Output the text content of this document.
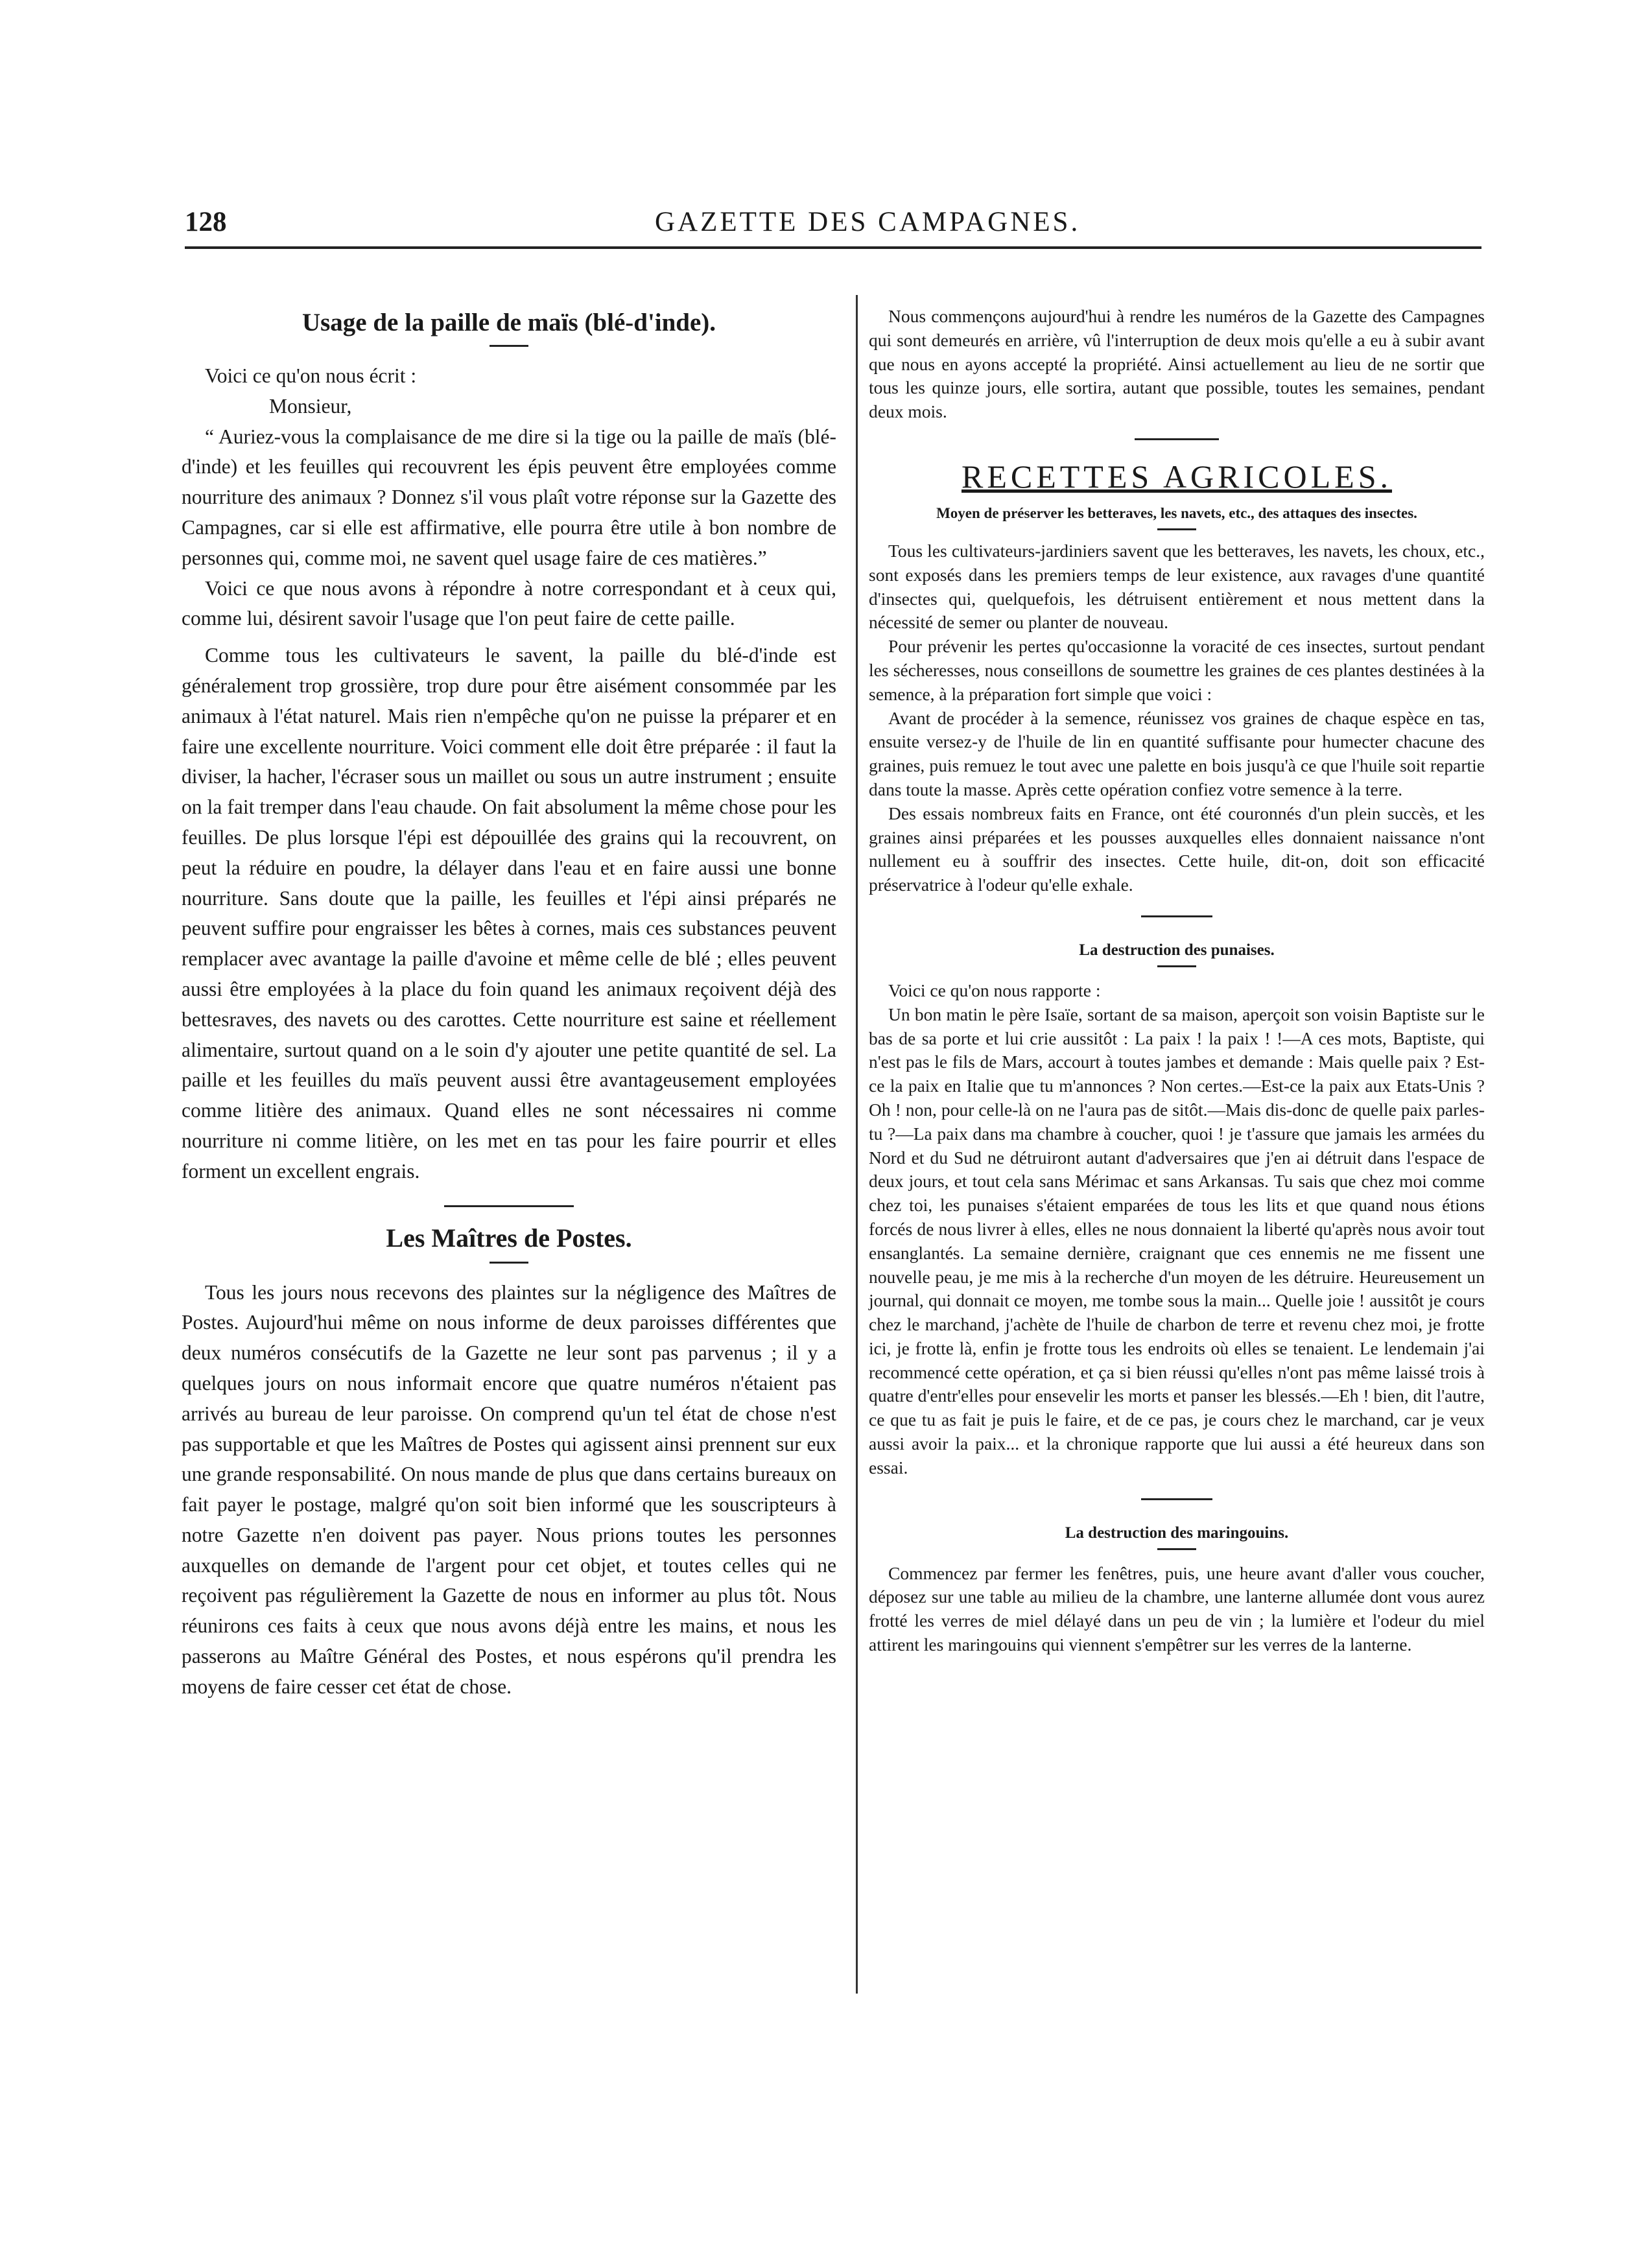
128	GAZETTE DES CAMPAGNES.
Usage de la paille de maïs (blé-d'inde).

Voici ce qu'on nous écrit :

Monsieur,

“ Auriez-vous la complaisance de me dire si la tige ou la paille de maïs (blé-d'inde) et les feuilles qui recouvrent les épis peuvent être employées comme nourriture des animaux ? Donnez s'il vous plaît votre réponse sur la Gazette des Campagnes, car si elle est affirmative, elle pourra être utile à bon nombre de personnes qui, comme moi, ne savent quel usage faire de ces matières.”

Voici ce que nous avons à répondre à notre correspondant et à ceux qui, comme lui, désirent savoir l'usage que l'on peut faire de cette paille.

Comme tous les cultivateurs le savent, la paille du blé-d'inde est généralement trop grossière, trop dure pour être aisément consommée par les animaux à l'état naturel. Mais rien n'empêche qu'on ne puisse la préparer et en faire une excellente nourriture. Voici comment elle doit être préparée : il faut la diviser, la hacher, l'écraser sous un maillet ou sous un autre instrument ; ensuite on la fait tremper dans l'eau chaude. On fait absolument la même chose pour les feuilles. De plus lorsque l'épi est dépouillée des grains qui la recouvrent, on peut la réduire en poudre, la délayer dans l'eau et en faire aussi une bonne nourriture. Sans doute que la paille, les feuilles et l'épi ainsi préparés ne peuvent suffire pour engraisser les bêtes à cornes, mais ces substances peuvent remplacer avec avantage la paille d'avoine et même celle de blé ; elles peuvent aussi être employées à la place du foin quand les animaux reçoivent déjà des bettesraves, des navets ou des carottes. Cette nourriture est saine et réellement alimentaire, surtout quand on a le soin d'y ajouter une petite quantité de sel. La paille et les feuilles du maïs peuvent aussi être avantageusement employées comme litière des animaux. Quand elles ne sont nécessaires ni comme nourriture ni comme litière, on les met en tas pour les faire pourrir et elles forment un excellent engrais.

Les Maîtres de Postes.

Tous les jours nous recevons des plaintes sur la négligence des Maîtres de Postes. Aujourd'hui même on nous informe de deux paroisses différentes que deux numéros consécutifs de la Gazette ne leur sont pas parvenus ; il y a quelques jours on nous informait encore que quatre numéros n'étaient pas arrivés au bureau de leur paroisse. On comprend qu'un tel état de chose n'est pas supportable et que les Maîtres de Postes qui agissent ainsi prennent sur eux une grande responsabilité. On nous mande de plus que dans certains bureaux on fait payer le postage, malgré qu'on soit bien informé que les souscripteurs à notre Gazette n'en doivent pas payer. Nous prions toutes les personnes auxquelles on demande de l'argent pour cet objet, et toutes celles qui ne reçoivent pas régulièrement la Gazette de nous en informer au plus tôt. Nous réunirons ces faits à ceux que nous avons déjà entre les mains, et nous les passerons au Maître Général des Postes, et nous espérons qu'il prendra les moyens de faire cesser cet état de chose.

Nous commençons aujourd'hui à rendre les numéros de la Gazette des Campagnes qui sont demeurés en arrière, vû l'interruption de deux mois qu'elle a eu à subir avant que nous en ayons accepté la propriété. Ainsi actuellement au lieu de ne sortir que tous les quinze jours, elle sortira, autant que possible, toutes les semaines, pendant deux mois.

RECETTES AGRICOLES.
Moyen de préserver les betteraves, les navets, etc., des attaques des insectes.

Tous les cultivateurs-jardiniers savent que les betteraves, les navets, les choux, etc., sont exposés dans les premiers temps de leur existence, aux ravages d'une quantité d'insectes qui, quelquefois, les détruisent entièrement et nous mettent dans la nécessité de semer ou planter de nouveau.

Pour prévenir les pertes qu'occasionne la voracité de ces insectes, surtout pendant les sécheresses, nous conseillons de soumettre les graines de ces plantes destinées à la semence, à la préparation fort simple que voici :

Avant de procéder à la semence, réunissez vos graines de chaque espèce en tas, ensuite versez-y de l'huile de lin en quantité suffisante pour humecter chacune des graines, puis remuez le tout avec une palette en bois jusqu'à ce que l'huile soit repartie dans toute la masse. Après cette opération confiez votre semence à la terre.

Des essais nombreux faits en France, ont été couronnés d'un plein succès, et les graines ainsi préparées et les pousses auxquelles elles donnaient naissance n'ont nullement eu à souffrir des insectes. Cette huile, dit-on, doit son efficacité préservatrice à l'odeur qu'elle exhale.

La destruction des punaises.

Voici ce qu'on nous rapporte :

Un bon matin le père Isaïe, sortant de sa maison, aperçoit son voisin Baptiste sur le bas de sa porte et lui crie aussitôt : La paix ! la paix ! !—A ces mots, Baptiste, qui n'est pas le fils de Mars, accourt à toutes jambes et demande : Mais quelle paix ? Est-ce la paix en Italie que tu m'annonces ? Non certes.—Est-ce la paix aux Etats-Unis ? Oh ! non, pour celle-là on ne l'aura pas de sitôt.—Mais dis-donc de quelle paix parles-tu ?—La paix dans ma chambre à coucher, quoi ! je t'assure que jamais les armées du Nord et du Sud ne détruiront autant d'adversaires que j'en ai détruit dans l'espace de deux jours, et tout cela sans Mérimac et sans Arkansas. Tu sais que chez moi comme chez toi, les punaises s'étaient emparées de tous les lits et que quand nous étions forcés de nous livrer à elles, elles ne nous donnaient la liberté qu'après nous avoir tout ensanglantés. La semaine dernière, craignant que ces ennemis ne me fissent une nouvelle peau, je me mis à la recherche d'un moyen de les détruire. Heureusement un journal, qui donnait ce moyen, me tombe sous la main... Quelle joie ! aussitôt je cours chez le marchand, j'achète de l'huile de charbon de terre et revenu chez moi, je frotte ici, je frotte là, enfin je frotte tous les endroits où elles se tenaient. Le lendemain j'ai recommencé cette opération, et ça si bien réussi qu'elles n'ont pas même laissé trois à quatre d'entr'elles pour ensevelir les morts et panser les blessés.—Eh ! bien, dit l'autre, ce que tu as fait je puis le faire, et de ce pas, je cours chez le marchand, car je veux aussi avoir la paix... et la chronique rapporte que lui aussi a été heureux dans son essai.

La destruction des maringouins.

Commencez par fermer les fenêtres, puis, une heure avant d'aller vous coucher, déposez sur une table au milieu de la chambre, une lanterne allumée dont vous aurez frotté les verres de miel délayé dans un peu de vin ; la lumière et l'odeur du miel attirent les maringouins qui viennent s'empêtrer sur les verres de la lanterne.
